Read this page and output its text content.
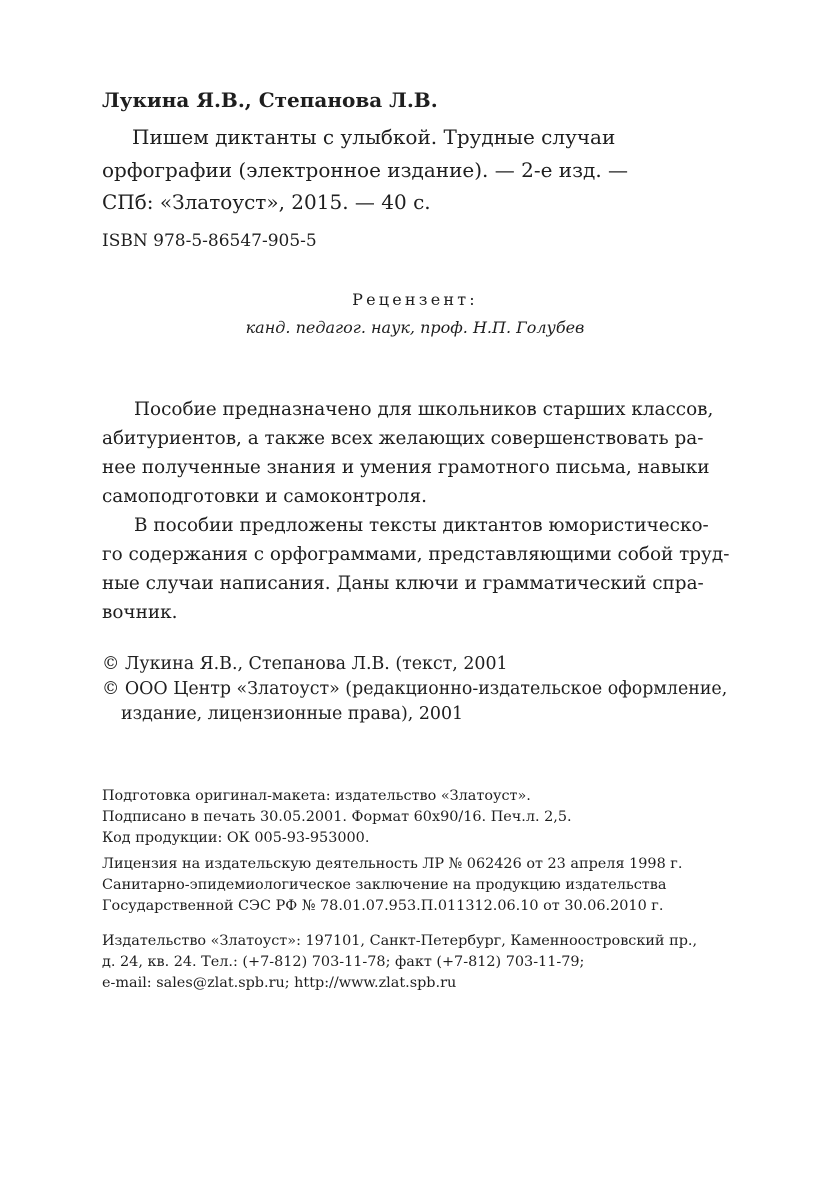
Лукина Я.В., Степанова Л.В.
Пишем диктанты с улыбкой. Трудные случаи
орфографии (электронное издание). — 2-е изд. —
СПб: «Златоуст», 2015. — 40 с.
ISBN 978-5-86547-905-5
Рецензент:
канд. педагог. наук, проф. Н.П. Голубев
Пособие предназначено для школьников старших классов,
абитуриентов, а также всех желающих совершенствовать ра-
нее полученные знания и умения грамотного письма, навыки
самоподготовки и самоконтроля.
В пособии предложены тексты диктантов юмористическо-
го содержания с орфограммами, представляющими собой труд-
ные случаи написания. Даны ключи и грамматический спра-
вочник.
© Лукина Я.В., Степанова Л.В. (текст, 2001
© ООО Центр «Златоуст» (редакционно-издательское оформление,
издание, лицензионные права), 2001
Подготовка оригинал-макета: издательство «Златоуст».
Подписано в печать 30.05.2001. Формат 60х90/16. Печ.л. 2,5.
Код продукции: ОК 005-93-953000.
Лицензия на издательскую деятельность ЛР № 062426 от 23 апреля 1998 г.
Санитарно-эпидемиологическое заключение на продукцию издательства
Государственной СЭС РФ № 78.01.07.953.П.011312.06.10 от 30.06.2010 г.
Издательство «Златоуст»: 197101, Санкт-Петербург, Каменноостровский пр.,
д. 24, кв. 24. Тел.: (+7-812) 703-11-78; факт (+7-812) 703-11-79;
e-mail: sales@zlat.spb.ru; http://www.zlat.spb.ru
